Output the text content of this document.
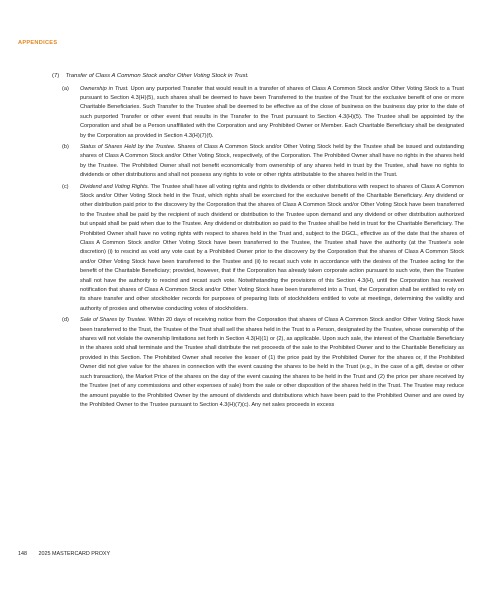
APPENDICES
(7) Transfer of Class A Common Stock and/or Other Voting Stock in Trust.
(a)	Ownership in Trust. Upon any purported Transfer that would result in a transfer of shares of Class A Common Stock and/or Other Voting Stock to a Trust pursuant to Section 4.3(H)(5), such shares shall be deemed to have been Transferred to the trustee of the Trust for the exclusive benefit of one or more Charitable Beneficiaries. Such Transfer to the Trustee shall be deemed to be effective as of the close of business on the business day prior to the date of such purported Transfer or other event that results in the Transfer to the Trust pursuant to Section 4.3(H)(5). The Trustee shall be appointed by the Corporation and shall be a Person unaffiliated with the Corporation and any Prohibited Owner or Member. Each Charitable Beneficiary shall be designated by the Corporation as provided in Section 4.3(H)(7)(f).
(b)	Status of Shares Held by the Trustee. Shares of Class A Common Stock and/or Other Voting Stock held by the Trustee shall be issued and outstanding shares of Class A Common Stock and/or Other Voting Stock, respectively, of the Corporation. The Prohibited Owner shall have no rights in the shares held by the Trustee. The Prohibited Owner shall not benefit economically from ownership of any shares held in trust by the Trustee, shall have no rights to dividends or other distributions and shall not possess any rights to vote or other rights attributable to the shares held in the Trust.
(c)	Dividend and Voting Rights. The Trustee shall have all voting rights and rights to dividends or other distributions with respect to shares of Class A Common Stock and/or Other Voting Stock held in the Trust, which rights shall be exercised for the exclusive benefit of the Charitable Beneficiary. Any dividend or other distribution paid prior to the discovery by the Corporation that the shares of Class A Common Stock and/or Other Voting Stock have been transferred to the Trustee shall be paid by the recipient of such dividend or distribution to the Trustee upon demand and any dividend or other distribution authorized but unpaid shall be paid when due to the Trustee. Any dividend or distribution so paid to the Trustee shall be held in trust for the Charitable Beneficiary. The Prohibited Owner shall have no voting rights with respect to shares held in the Trust and, subject to the DGCL, effective as of the date that the shares of Class A Common Stock and/or Other Voting Stock have been transferred to the Trustee, the Trustee shall have the authority (at the Trustee’s sole discretion) (i) to rescind as void any vote cast by a Prohibited Owner prior to the discovery by the Corporation that the shares of Class A Common Stock and/or Other Voting Stock have been transferred to the Trustee and (ii) to recast such vote in accordance with the desires of the Trustee acting for the benefit of the Charitable Beneficiary; provided, however, that if the Corporation has already taken corporate action pursuant to such vote, then the Trustee shall not have the authority to rescind and recast such vote. Notwithstanding the provisions of this Section 4.3(H), until the Corporation has received notification that shares of Class A Common Stock and/or Other Voting Stock have been transferred into a Trust, the Corporation shall be entitled to rely on its share transfer and other stockholder records for purposes of preparing lists of stockholders entitled to vote at meetings, determining the validity and authority of proxies and otherwise conducting votes of stockholders.
(d)	Sale of Shares by Trustee. Within 20 days of receiving notice from the Corporation that shares of Class A Common Stock and/or Other Voting Stock have been transferred to the Trust, the Trustee of the Trust shall sell the shares held in the Trust to a Person, designated by the Trustee, whose ownership of the shares will not violate the ownership limitations set forth in Section 4.3(H)(1) or (2), as applicable. Upon such sale, the interest of the Charitable Beneficiary in the shares sold shall terminate and the Trustee shall distribute the net proceeds of the sale to the Prohibited Owner and to the Charitable Beneficiary as provided in this Section. The Prohibited Owner shall receive the lesser of (1) the price paid by the Prohibited Owner for the shares or, if the Prohibited Owner did not give value for the shares in connection with the event causing the shares to be held in the Trust (e.g., in the case of a gift, devise or other such transaction), the Market Price of the shares on the day of the event causing the shares to be held in the Trust and (2) the price per share received by the Trustee (net of any commissions and other expenses of sale) from the sale or other disposition of the shares held in the Trust. The Trustee may reduce the amount payable to the Prohibited Owner by the amount of dividends and distributions which have been paid to the Prohibited Owner and are owed by the Prohibited Owner to the Trustee pursuant to Section 4.3(H)(7)(c). Any net sales proceeds in excess
148 2025 MASTERCARD PROXY
